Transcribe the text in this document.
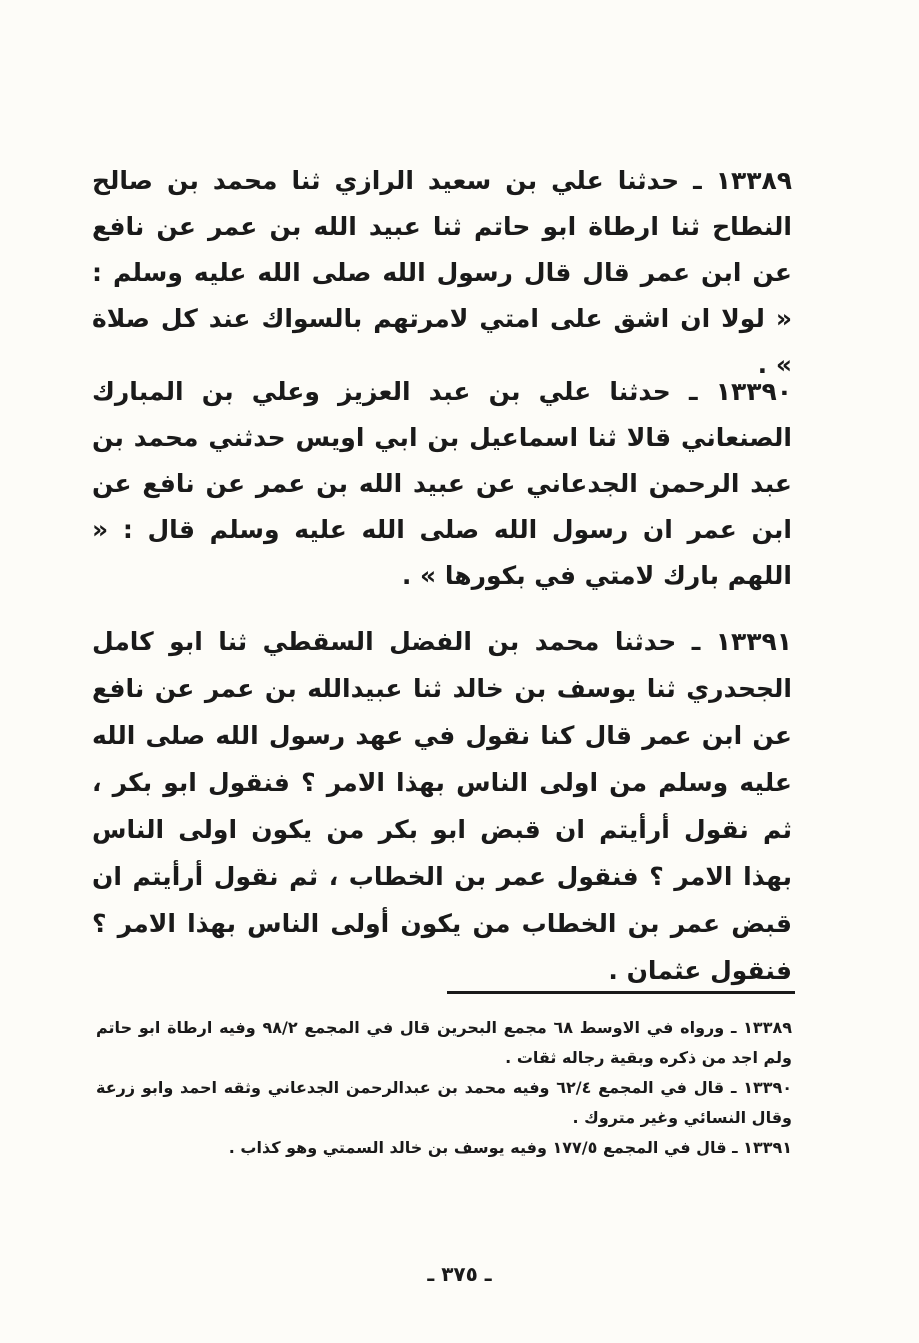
١٣٣٨٩ ـ حدثنا علي بن سعيد الرازي ثنا محمد بن صالح النطاح ثنا ارطاة ابو حاتم ثنا عبيد الله بن عمر عن نافع عن ابن عمر قال قال رسول الله صلى الله عليه وسلم : « لولا ان اشق على امتي لامرتهم بالسواك عند كل صلاة » .

١٣٣٩٠ ـ حدثنا علي بن عبد العزيز وعلي بن المبارك الصنعاني قالا ثنا اسماعيل بن ابي اويس حدثني محمد بن عبد الرحمن الجدعاني عن عبيد الله بن عمر عن نافع عن ابن عمر ان رسول الله صلى الله عليه وسلم قال : « اللهم بارك لامتي في بكورها » .

١٣٣٩١ ـ حدثنا محمد بن الفضل السقطي ثنا ابو كامل الجحدري ثنا يوسف بن خالد ثنا عبيدالله بن عمر عن نافع عن ابن عمر قال كنا نقول في عهد رسول الله صلى الله عليه وسلم من اولى الناس بهذا الامر ؟ فنقول ابو بكر ، ثم نقول أرأيتم ان قبض ابو بكر من يكون اولى الناس بهذا الامر ؟ فنقول عمر بن الخطاب ، ثم نقول أرأيتم ان قبض عمر بن الخطاب من يكون أولى الناس بهذا الامر ؟ فنقول عثمان .

١٣٣٨٩ ـ ورواه في الاوسط ٦٨ مجمع البحرين قال في المجمع ٩٨/٢ وفيه ارطاة ابو حاتم ولم اجد من ذكره وبقية رجاله ثقات .

١٣٣٩٠ ـ قال في المجمع ٦٢/٤ وفيه محمد بن عبدالرحمن الجدعاني وثقه احمد وابو زرعة وقال النسائي وغير متروك .

١٣٣٩١ ـ قال في المجمع ١٧٧/٥ وفيه يوسف بن خالد السمتي وهو كذاب .

ـ ٣٧٥ ـ
